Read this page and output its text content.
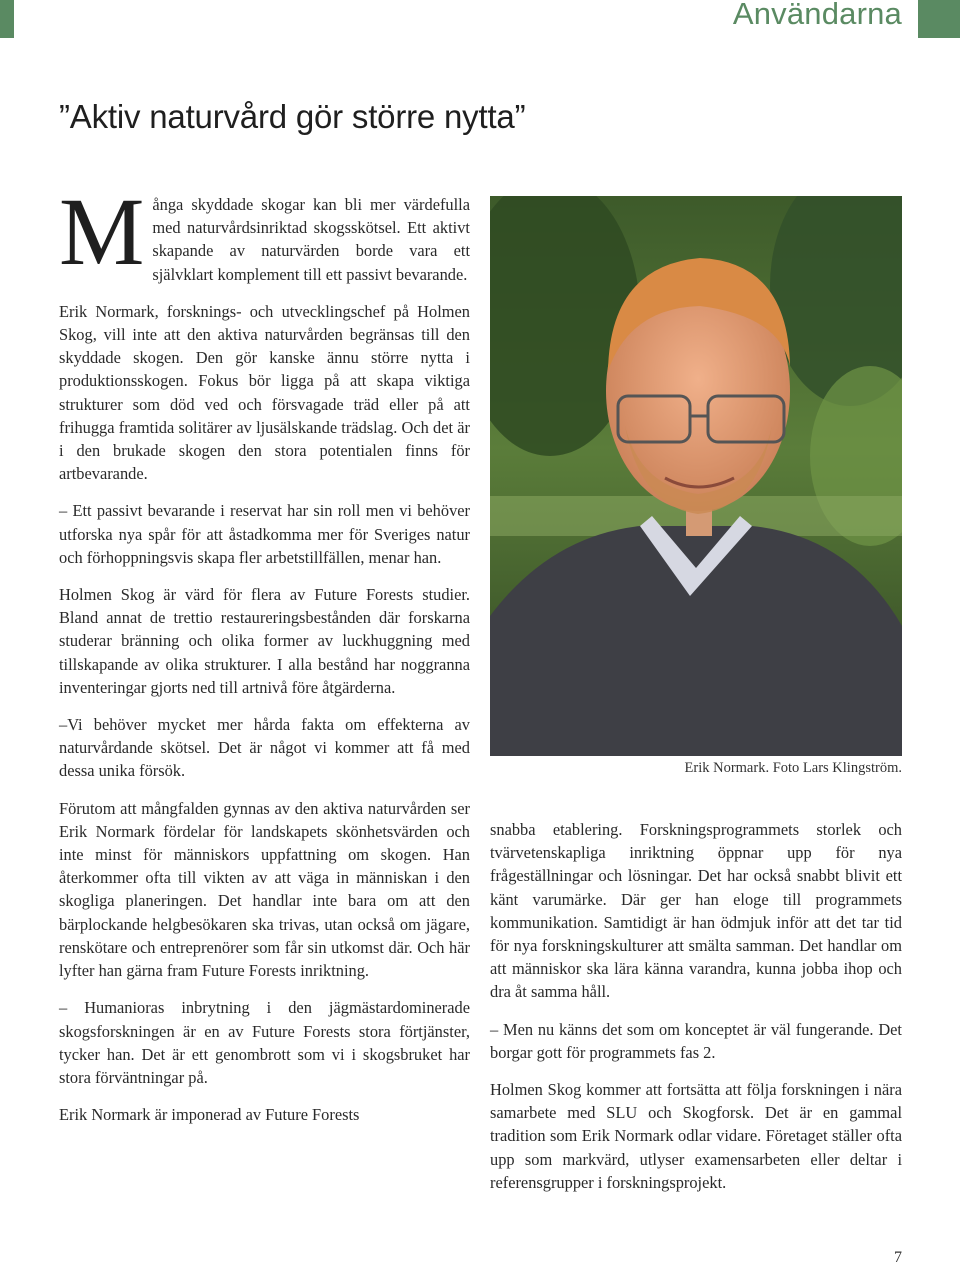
Användarna
”Aktiv naturvård gör större nytta”

Många skyddade skogar kan bli mer värdefulla med naturvårdsinriktad skogsskötsel. Ett aktivt skapande av naturvärden borde vara ett självklart komplement till ett passivt bevarande.

Erik Normark, forsknings- och utvecklingschef på Holmen Skog, vill inte att den aktiva naturvården begränsas till den skyddade skogen. Den gör kanske ännu större nytta i produktionsskogen. Fokus bör ligga på att skapa viktiga strukturer som död ved och försvagade träd eller på att frihugga framtida solitärer av ljusälskande trädslag. Och det är i den brukade skogen den stora potentialen finns för artbevarande.

– Ett passivt bevarande i reservat har sin roll men vi behöver utforska nya spår för att åstadkomma mer för Sveriges natur och förhoppningsvis skapa fler arbetstillfällen, menar han.

Holmen Skog är värd för flera av Future Forests studier. Bland annat de trettio restaureringsbestånden där forskarna studerar bränning och olika former av luckhuggning med tillskapande av olika strukturer. I alla bestånd har noggranna inventeringar gjorts ned till artnivå före åtgärderna.

–Vi behöver mycket mer hårda fakta om effekterna av naturvårdande skötsel. Det är något vi kommer att få med dessa unika försök.

Förutom att mångfalden gynnas av den aktiva naturvården ser Erik Normark fördelar för landskapets skönhetsvärden och inte minst för människors uppfattning om skogen. Han återkommer ofta till vikten av att väga in människan i den skogliga planeringen. Det handlar inte bara om att den bärplockande helgbesökaren ska trivas, utan också om jägare, renskötare och entreprenörer som får sin utkomst där. Och här lyfter han gärna fram Future Forests inriktning.

– Humanioras inbrytning i den jägmästardominerade skogsforskningen är en av Future Forests stora förtjänster, tycker han. Det är ett genombrott som vi i skogsbruket har stora förväntningar på.

Erik Normark är imponerad av Future Forests

Erik Normark. Foto Lars Klingström.

snabba etablering. Forskningsprogrammets storlek och tvärvetenskapliga inriktning öppnar upp för nya frågeställningar och lösningar. Det har också snabbt blivit ett känt varumärke. Där ger han eloge till programmets kommunikation. Samtidigt är han ödmjuk inför att det tar tid för nya forskningskulturer att smälta samman. Det handlar om att människor ska lära känna varandra, kunna jobba ihop och dra åt samma håll.

– Men nu känns det som om konceptet är väl fungerande. Det borgar gott för programmets fas 2.

Holmen Skog kommer att fortsätta att följa forskningen i nära samarbete med SLU och Skogforsk. Det är en gammal tradition som Erik Normark odlar vidare. Företaget ställer ofta upp som markvärd, utlyser examensarbeten eller deltar i referensgrupper i forskningsprojekt.

7
